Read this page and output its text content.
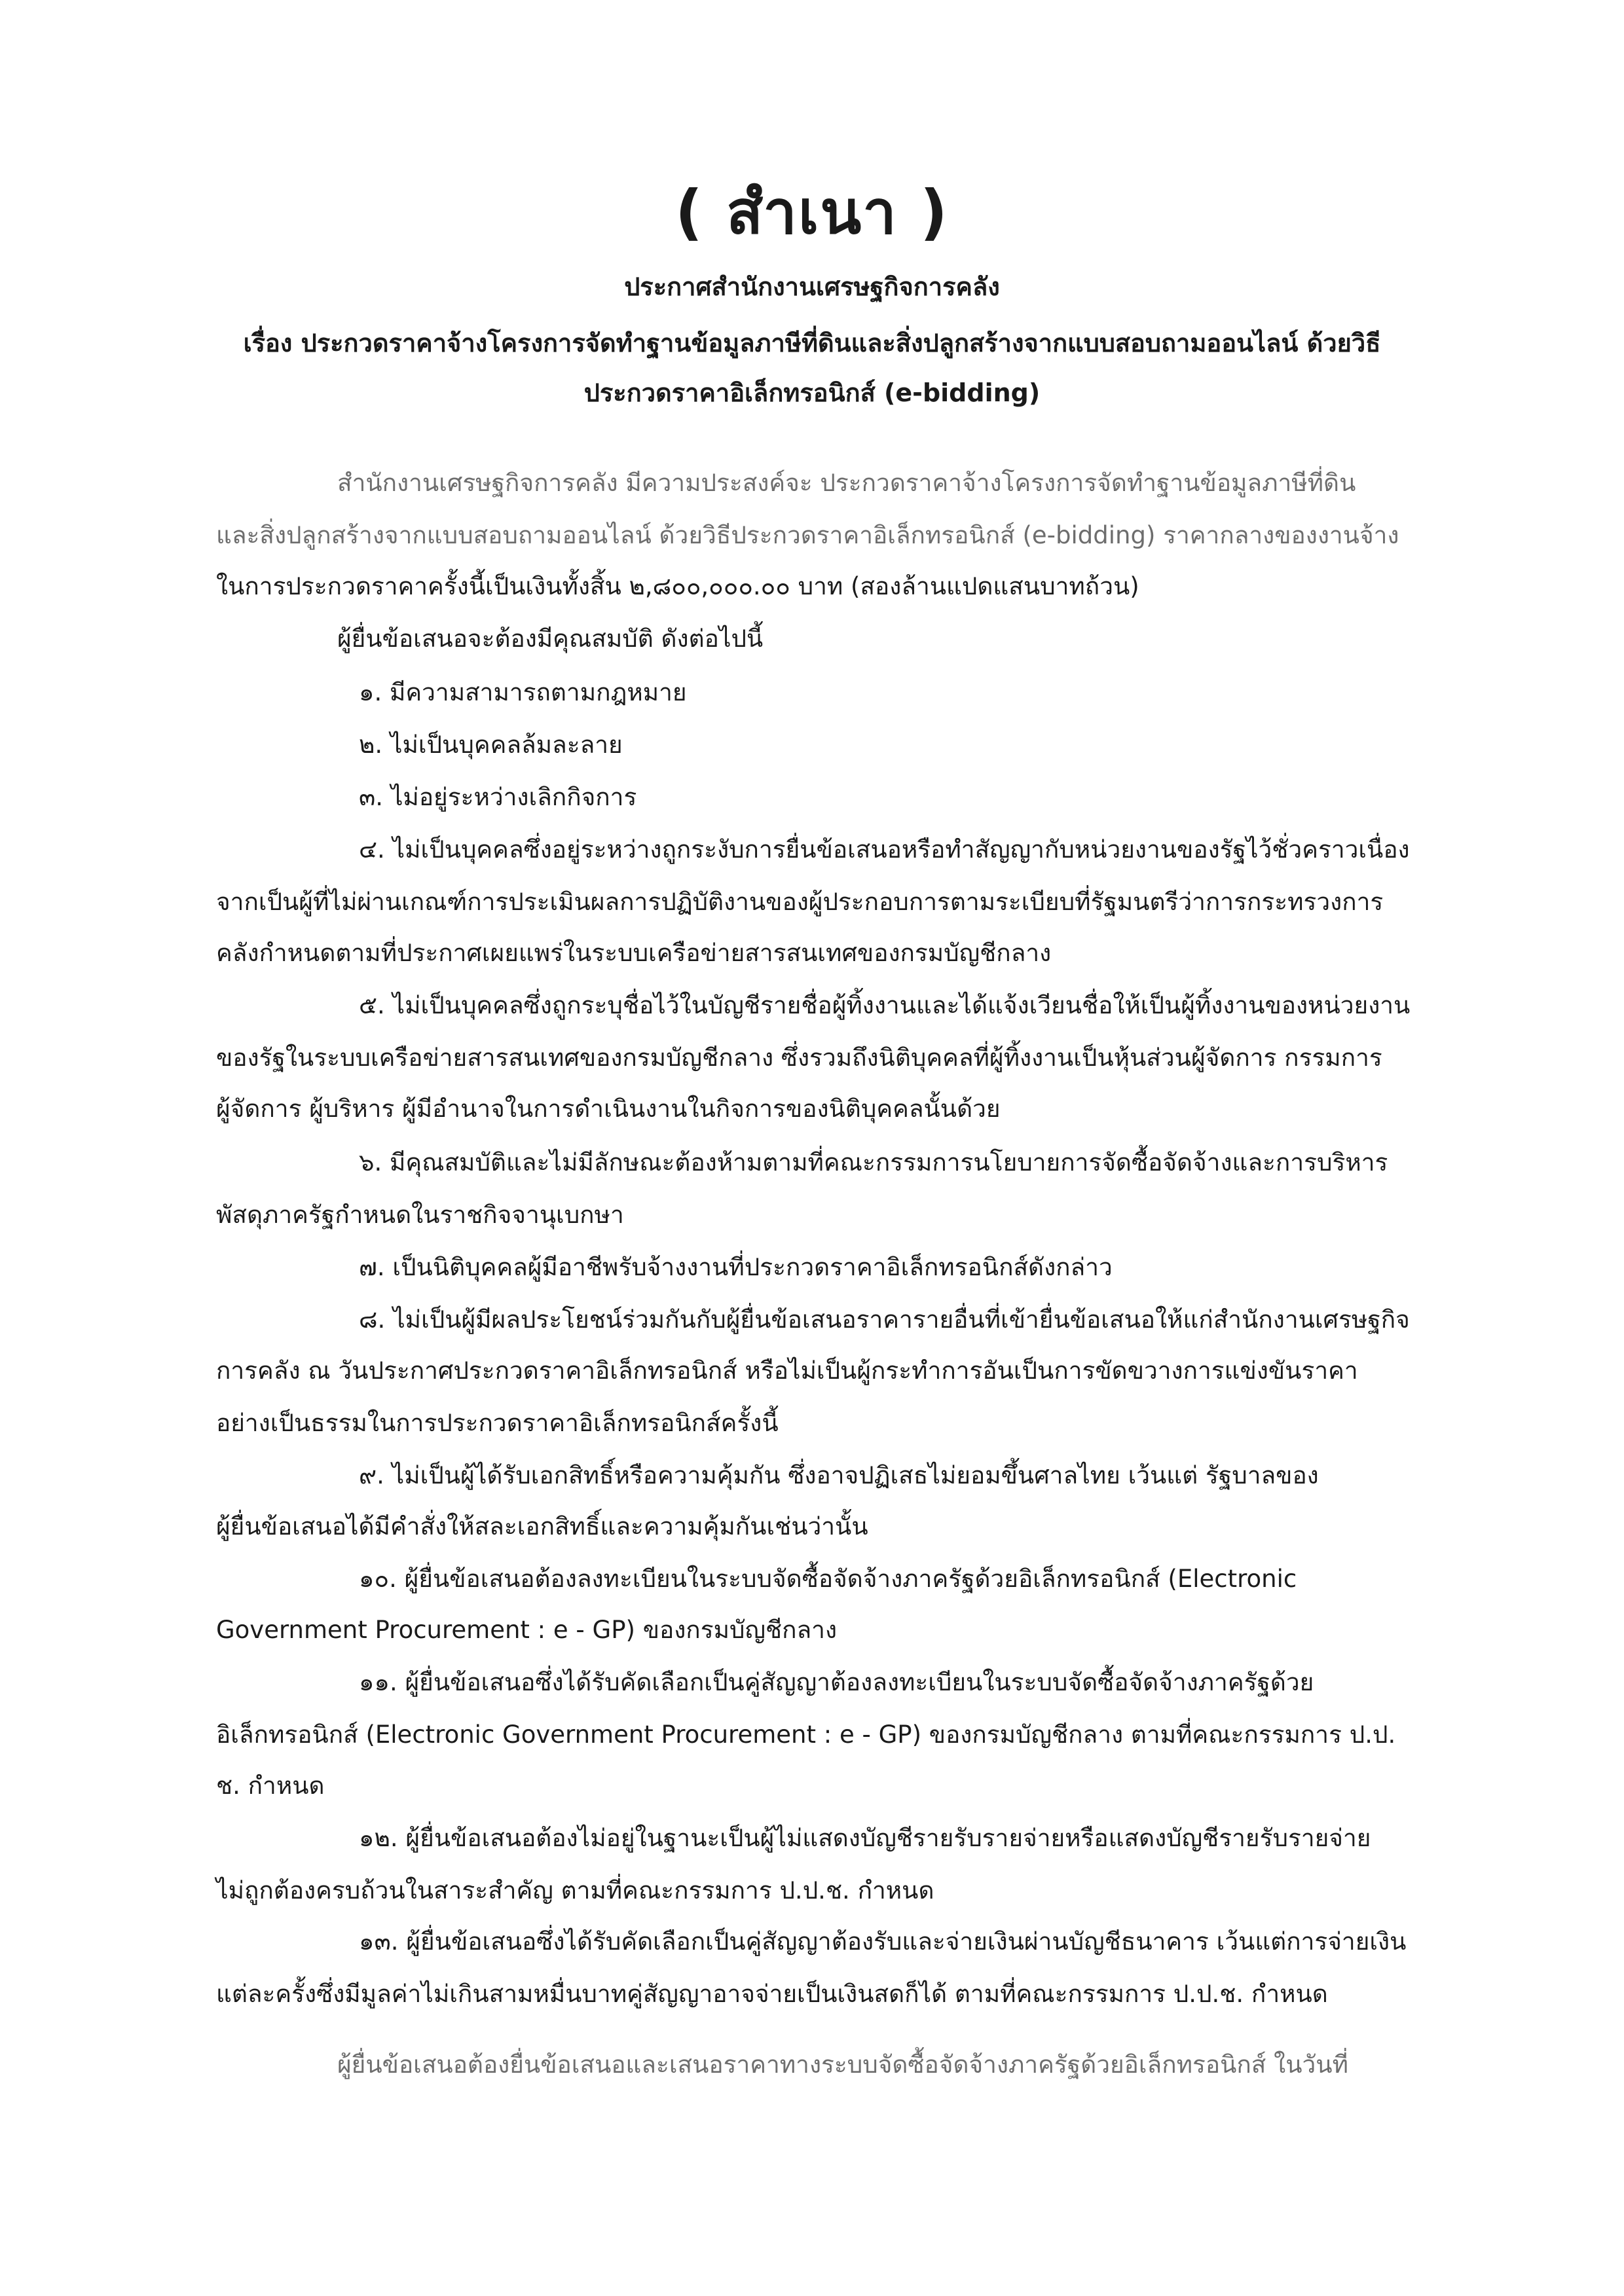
( สำเนา )
ประกาศสำนักงานเศรษฐกิจการคลัง
เรื่อง ประกวดราคาจ้างโครงการจัดทำฐานข้อมูลภาษีที่ดินและสิ่งปลูกสร้างจากแบบสอบถามออนไลน์ ด้วยวิธี
ประกวดราคาอิเล็กทรอนิกส์ (e-bidding)
สำนักงานเศรษฐกิจการคลัง มีความประสงค์จะ ประกวดราคาจ้างโครงการจัดทำฐานข้อมูลภาษีที่ดิน
และสิ่งปลูกสร้างจากแบบสอบถามออนไลน์ ด้วยวิธีประกวดราคาอิเล็กทรอนิกส์ (e-bidding) ราคากลางของงานจ้าง
ในการประกวดราคาครั้งนี้เป็นเงินทั้งสิ้น ๒,๘๐๐,๐๐๐.๐๐ บาท (สองล้านแปดแสนบาทถ้วน)
ผู้ยื่นข้อเสนอจะต้องมีคุณสมบัติ ดังต่อไปนี้
๑. มีความสามารถตามกฎหมาย
๒. ไม่เป็นบุคคลล้มละลาย
๓. ไม่อยู่ระหว่างเลิกกิจการ
๔. ไม่เป็นบุคคลซึ่งอยู่ระหว่างถูกระงับการยื่นข้อเสนอหรือทำสัญญากับหน่วยงานของรัฐไว้ชั่วคราวเนื่อง
จากเป็นผู้ที่ไม่ผ่านเกณฑ์การประเมินผลการปฏิบัติงานของผู้ประกอบการตามระเบียบที่รัฐมนตรีว่าการกระทรวงการ
คลังกำหนดตามที่ประกาศเผยแพร่ในระบบเครือข่ายสารสนเทศของกรมบัญชีกลาง
๕. ไม่เป็นบุคคลซึ่งถูกระบุชื่อไว้ในบัญชีรายชื่อผู้ทิ้งงานและได้แจ้งเวียนชื่อให้เป็นผู้ทิ้งงานของหน่วยงาน
ของรัฐในระบบเครือข่ายสารสนเทศของกรมบัญชีกลาง ซึ่งรวมถึงนิติบุคคลที่ผู้ทิ้งงานเป็นหุ้นส่วนผู้จัดการ กรรมการ
ผู้จัดการ ผู้บริหาร ผู้มีอำนาจในการดำเนินงานในกิจการของนิติบุคคลนั้นด้วย
๖. มีคุณสมบัติและไม่มีลักษณะต้องห้ามตามที่คณะกรรมการนโยบายการจัดซื้อจัดจ้างและการบริหาร
พัสดุภาครัฐกำหนดในราชกิจจานุเบกษา
๗. เป็นนิติบุคคลผู้มีอาชีพรับจ้างงานที่ประกวดราคาอิเล็กทรอนิกส์ดังกล่าว
๘. ไม่เป็นผู้มีผลประโยชน์ร่วมกันกับผู้ยื่นข้อเสนอราคารายอื่นที่เข้ายื่นข้อเสนอให้แก่สำนักงานเศรษฐกิจ
การคลัง ณ วันประกาศประกวดราคาอิเล็กทรอนิกส์ หรือไม่เป็นผู้กระทำการอันเป็นการขัดขวางการแข่งขันราคา
อย่างเป็นธรรมในการประกวดราคาอิเล็กทรอนิกส์ครั้งนี้
๙. ไม่เป็นผู้ได้รับเอกสิทธิ์หรือความคุ้มกัน ซึ่งอาจปฏิเสธไม่ยอมขึ้นศาลไทย เว้นแต่ รัฐบาลของ
ผู้ยื่นข้อเสนอได้มีคำสั่งให้สละเอกสิทธิ์และความคุ้มกันเช่นว่านั้น
๑๐. ผู้ยื่นข้อเสนอต้องลงทะเบียนในระบบจัดซื้อจัดจ้างภาครัฐด้วยอิเล็กทรอนิกส์ (Electronic
Government Procurement : e - GP) ของกรมบัญชีกลาง
๑๑. ผู้ยื่นข้อเสนอซึ่งได้รับคัดเลือกเป็นคู่สัญญาต้องลงทะเบียนในระบบจัดซื้อจัดจ้างภาครัฐด้วย
อิเล็กทรอนิกส์ (Electronic Government Procurement : e - GP) ของกรมบัญชีกลาง ตามที่คณะกรรมการ ป.ป.
ช. กำหนด
๑๒. ผู้ยื่นข้อเสนอต้องไม่อยู่ในฐานะเป็นผู้ไม่แสดงบัญชีรายรับรายจ่ายหรือแสดงบัญชีรายรับรายจ่าย
ไม่ถูกต้องครบถ้วนในสาระสำคัญ ตามที่คณะกรรมการ ป.ป.ช. กำหนด
๑๓. ผู้ยื่นข้อเสนอซึ่งได้รับคัดเลือกเป็นคู่สัญญาต้องรับและจ่ายเงินผ่านบัญชีธนาคาร เว้นแต่การจ่ายเงิน
แต่ละครั้งซึ่งมีมูลค่าไม่เกินสามหมื่นบาทคู่สัญญาอาจจ่ายเป็นเงินสดก็ได้ ตามที่คณะกรรมการ ป.ป.ช. กำหนด
ผู้ยื่นข้อเสนอต้องยื่นข้อเสนอและเสนอราคาทางระบบจัดซื้อจัดจ้างภาครัฐด้วยอิเล็กทรอนิกส์ ในวันที่
